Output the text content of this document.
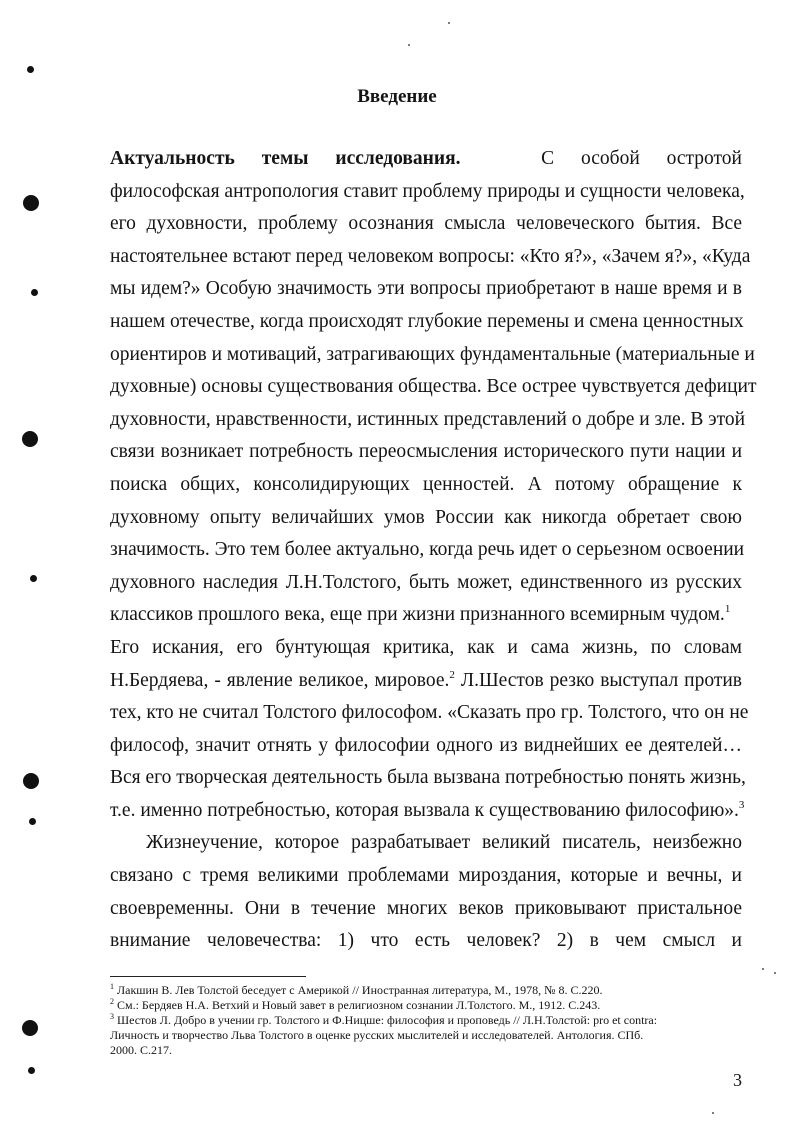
Введение
Актуальность темы исследования.	С особой остротой
философская антропология ставит проблему природы и сущности человека,
его духовности, проблему осознания смысла человеческого бытия. Все
настоятельнее встают перед человеком вопросы: «Кто я?», «Зачем я?», «Куда
мы идем?» Особую значимость эти вопросы приобретают в наше время и в
нашем отечестве, когда происходят глубокие перемены и смена ценностных
ориентиров и мотиваций, затрагивающих фундаментальные (материальные и
духовные) основы существования общества. Все острее чувствуется дефицит
духовности, нравственности, истинных представлений о добре и зле. В этой
связи возникает потребность переосмысления исторического пути нации и
поиска общих, консолидирующих ценностей. А потому обращение к
духовному опыту величайших умов России как никогда обретает свою
значимость. Это тем более актуально, когда речь идет о серьезном освоении
духовного наследия Л.Н.Толстого, быть может, единственного из русских
классиков прошлого века, еще при жизни признанного всемирным чудом.$^1$
Его искания, его бунтующая критика, как и сама жизнь, по словам
Н.Бердяева, - явление великое, мировое.$^2$ Л.Шестов резко выступал против
тех, кто не считал Толстого философом. «Сказать про гр. Толстого, что он не
философ, значит отнять у философии одного из виднейших ее деятелей…
Вся его творческая деятельность была вызвана потребностью понять жизнь,
т.е. именно потребностью, которая вызвала к существованию философию».$^3$
Жизнеучение, которое разрабатывает великий писатель, неизбежно
связано с тремя великими проблемами мироздания, которые и вечны, и
своевременны. Они в течение многих веков приковывают пристальное
внимание человечества: 1) что есть человек? 2) в чем смысл и
$^1$ Лакшин В. Лев Толстой беседует с Америкой // Иностранная литература, М., 1978, № 8. С.220.
$^2$ См.: Бердяев Н.А. Ветхий и Новый завет в религиозном сознании Л.Толстого. М., 1912. С.243.
$^3$ Шестов Л. Добро в учении гр. Толстого и Ф.Ницше: философия и проповедь // Л.Н.Толстой: pro et contra:
Личность и творчество Льва Толстого в оценке русских мыслителей и исследователей. Антология. СПб.
2000. С.217.
3
